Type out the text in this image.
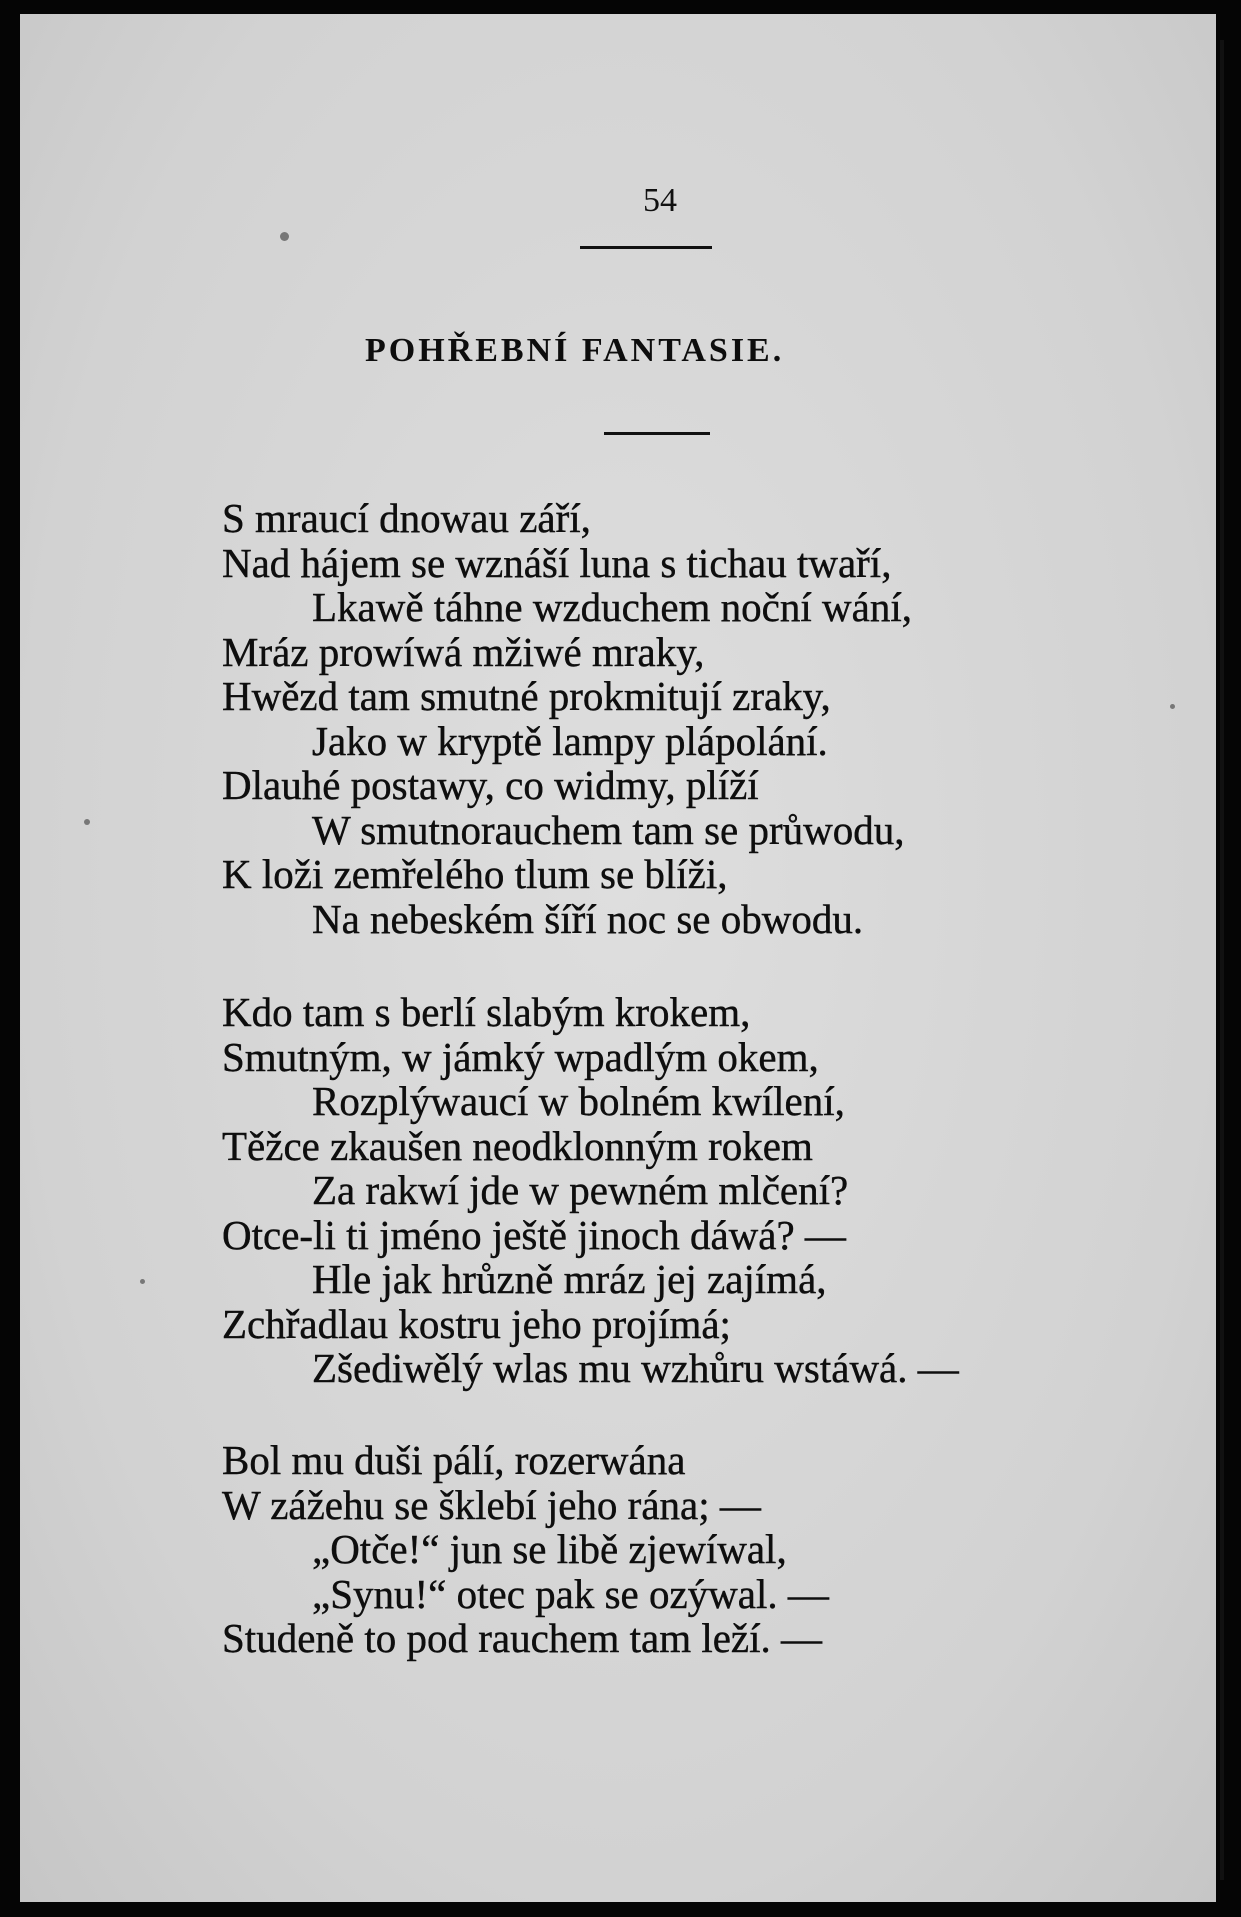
54
POHŘEBNÍ FANTASIE.
S mraucí dnowau září,
Nad hájem se wznáší luna s tichau twaří,
Lkawě táhne wzduchem noční wání,
Mráz prowíwá mžiwé mraky,
Hwězd tam smutné prokmitují zraky,
Jako w kryptě lampy plápolání.
Dlauhé postawy, co widmy, plíží
W smutnorauchem tam se průwodu,
K loži zemřelého tlum se blíži,
Na nebeském šíří noc se obwodu.
Kdo tam s berlí slabým krokem,
Smutným, w jámký wpadlým okem,
Rozplýwaucí w bolném kwílení,
Těžce zkaušen neodklonným rokem
Za rakwí jde w pewném mlčení?
Otce-li ti jméno ještě jinoch dáwá? —
Hle jak hrůzně mráz jej zajímá,
Zchřadlau kostru jeho projímá;
Zšediwělý wlas mu wzhůru wstáwá. —
Bol mu duši pálí, rozerwána
W zážehu se šklebí jeho rána; —
„Otče!“ jun se libě zjewíwal,
„Synu!“ otec pak se ozýwal. —
Studeně to pod rauchem tam leží. —
